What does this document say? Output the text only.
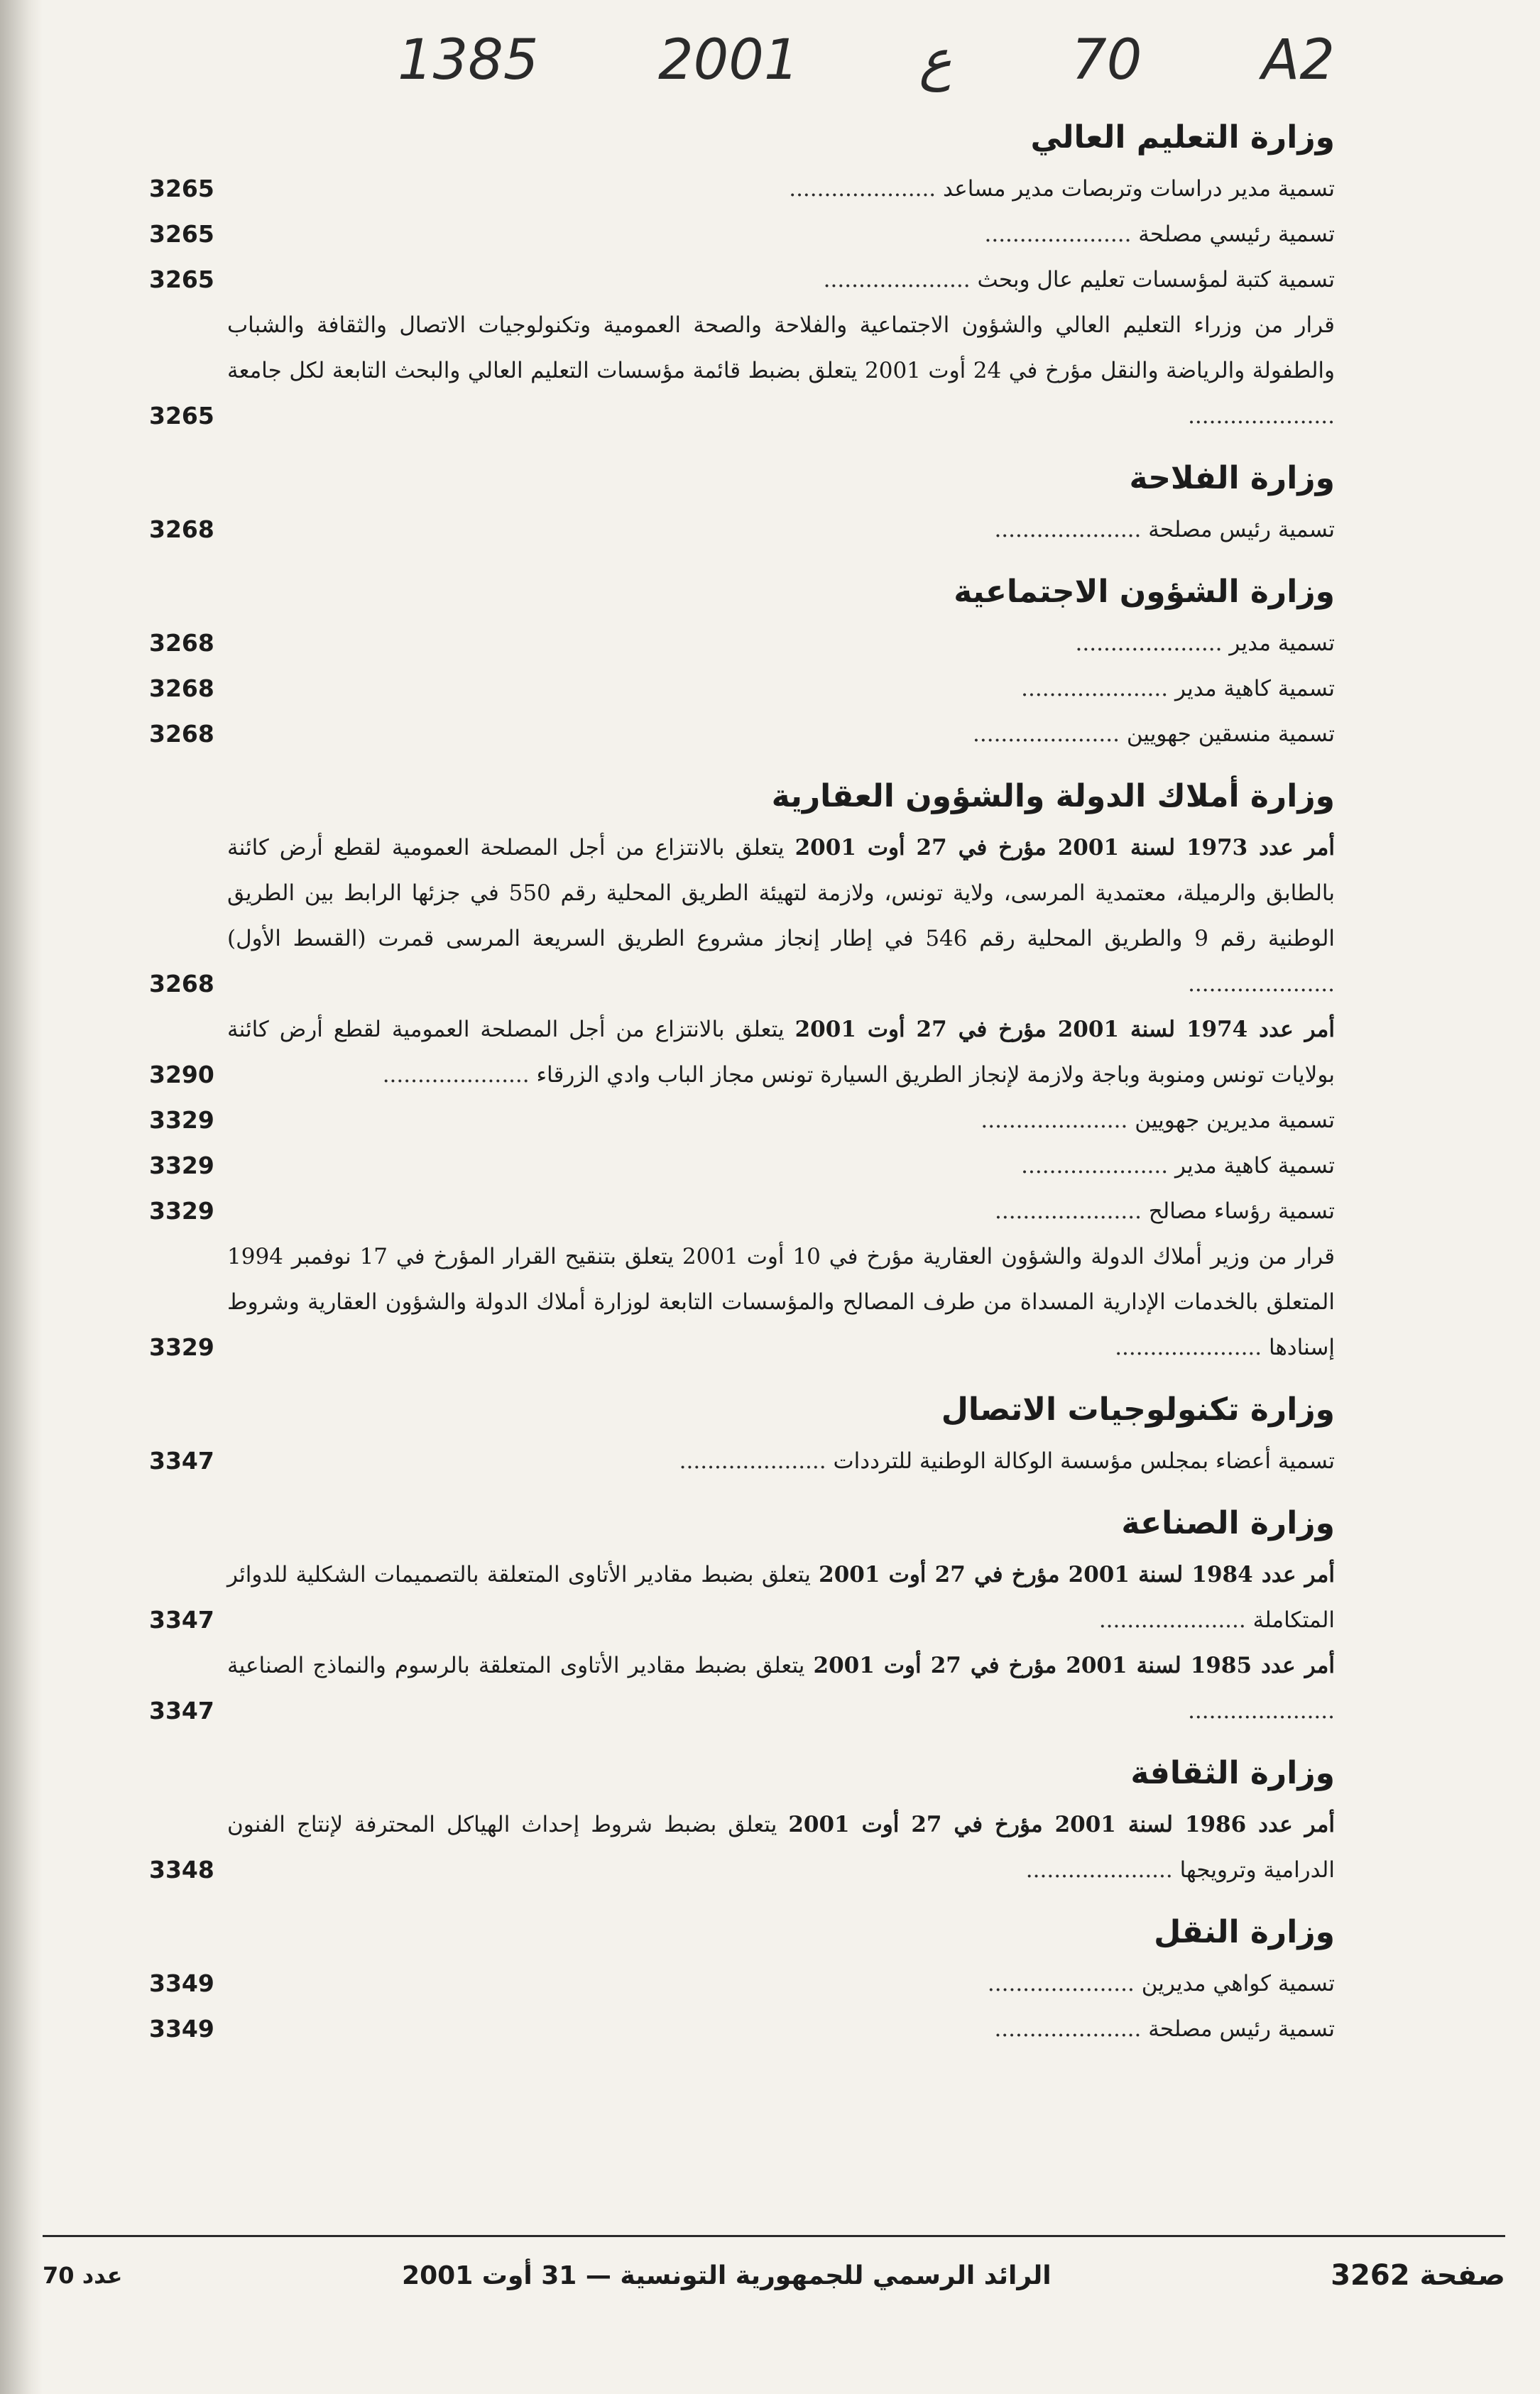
1385 2001 ع 70 A2
وزارة التعليم العالي
تسمية مدير دراسات وتربصات مدير مساعد .....................
3265
تسمية رئيسي مصلحة .....................
3265
تسمية كتبة لمؤسسات تعليم عال وبحث .....................
3265
قرار من وزراء التعليم العالي والشؤون الاجتماعية والفلاحة والصحة العمومية وتكنولوجيات الاتصال والثقافة والشباب والطفولة والرياضة والنقل مؤرخ في 24 أوت 2001 يتعلق بضبط قائمة مؤسسات التعليم العالي والبحث التابعة لكل جامعة .....................
3265
وزارة الفلاحة
تسمية رئيس مصلحة .....................
3268
وزارة الشؤون الاجتماعية
تسمية مدير .....................
3268
تسمية كاهية مدير .....................
3268
تسمية منسقين جهويين .....................
3268
وزارة أملاك الدولة والشؤون العقارية
أمر عدد 1973 لسنة 2001 مؤرخ في 27 أوت 2001 يتعلق بالانتزاع من أجل المصلحة العمومية لقطع أرض كائنة بالطابق والرميلة، معتمدية المرسى، ولاية تونس، ولازمة لتهيئة الطريق المحلية رقم 550 في جزئها الرابط بين الطريق الوطنية رقم 9 والطريق المحلية رقم 546 في إطار إنجاز مشروع الطريق السريعة المرسى قمرت (القسط الأول) .....................
3268
أمر عدد 1974 لسنة 2001 مؤرخ في 27 أوت 2001 يتعلق بالانتزاع من أجل المصلحة العمومية لقطع أرض كائنة بولايات تونس ومنوبة وباجة ولازمة لإنجاز الطريق السيارة تونس مجاز الباب وادي الزرقاء .....................
3290
تسمية مديرين جهويين .....................
3329
تسمية كاهية مدير .....................
3329
تسمية رؤساء مصالح .....................
3329
قرار من وزير أملاك الدولة والشؤون العقارية مؤرخ في 10 أوت 2001 يتعلق بتنقيح القرار المؤرخ في 17 نوفمبر 1994 المتعلق بالخدمات الإدارية المسداة من طرف المصالح والمؤسسات التابعة لوزارة أملاك الدولة والشؤون العقارية وشروط إسنادها .....................
3329
وزارة تكنولوجيات الاتصال
تسمية أعضاء بمجلس مؤسسة الوكالة الوطنية للترددات .....................
3347
وزارة الصناعة
أمر عدد 1984 لسنة 2001 مؤرخ في 27 أوت 2001 يتعلق بضبط مقادير الأتاوى المتعلقة بالتصميمات الشكلية للدوائر المتكاملة .....................
3347
أمر عدد 1985 لسنة 2001 مؤرخ في 27 أوت 2001 يتعلق بضبط مقادير الأتاوى المتعلقة بالرسوم والنماذج الصناعية .....................
3347
وزارة الثقافة
أمر عدد 1986 لسنة 2001 مؤرخ في 27 أوت 2001 يتعلق بضبط شروط إحداث الهياكل المحترفة لإنتاج الفنون الدرامية وترويجها .....................
3348
وزارة النقل
تسمية كواهي مديرين .....................
3349
تسمية رئيس مصلحة .....................
3349
صفحة 3262
الرائد الرسمي للجمهورية التونسية — 31 أوت 2001
عدد 70
